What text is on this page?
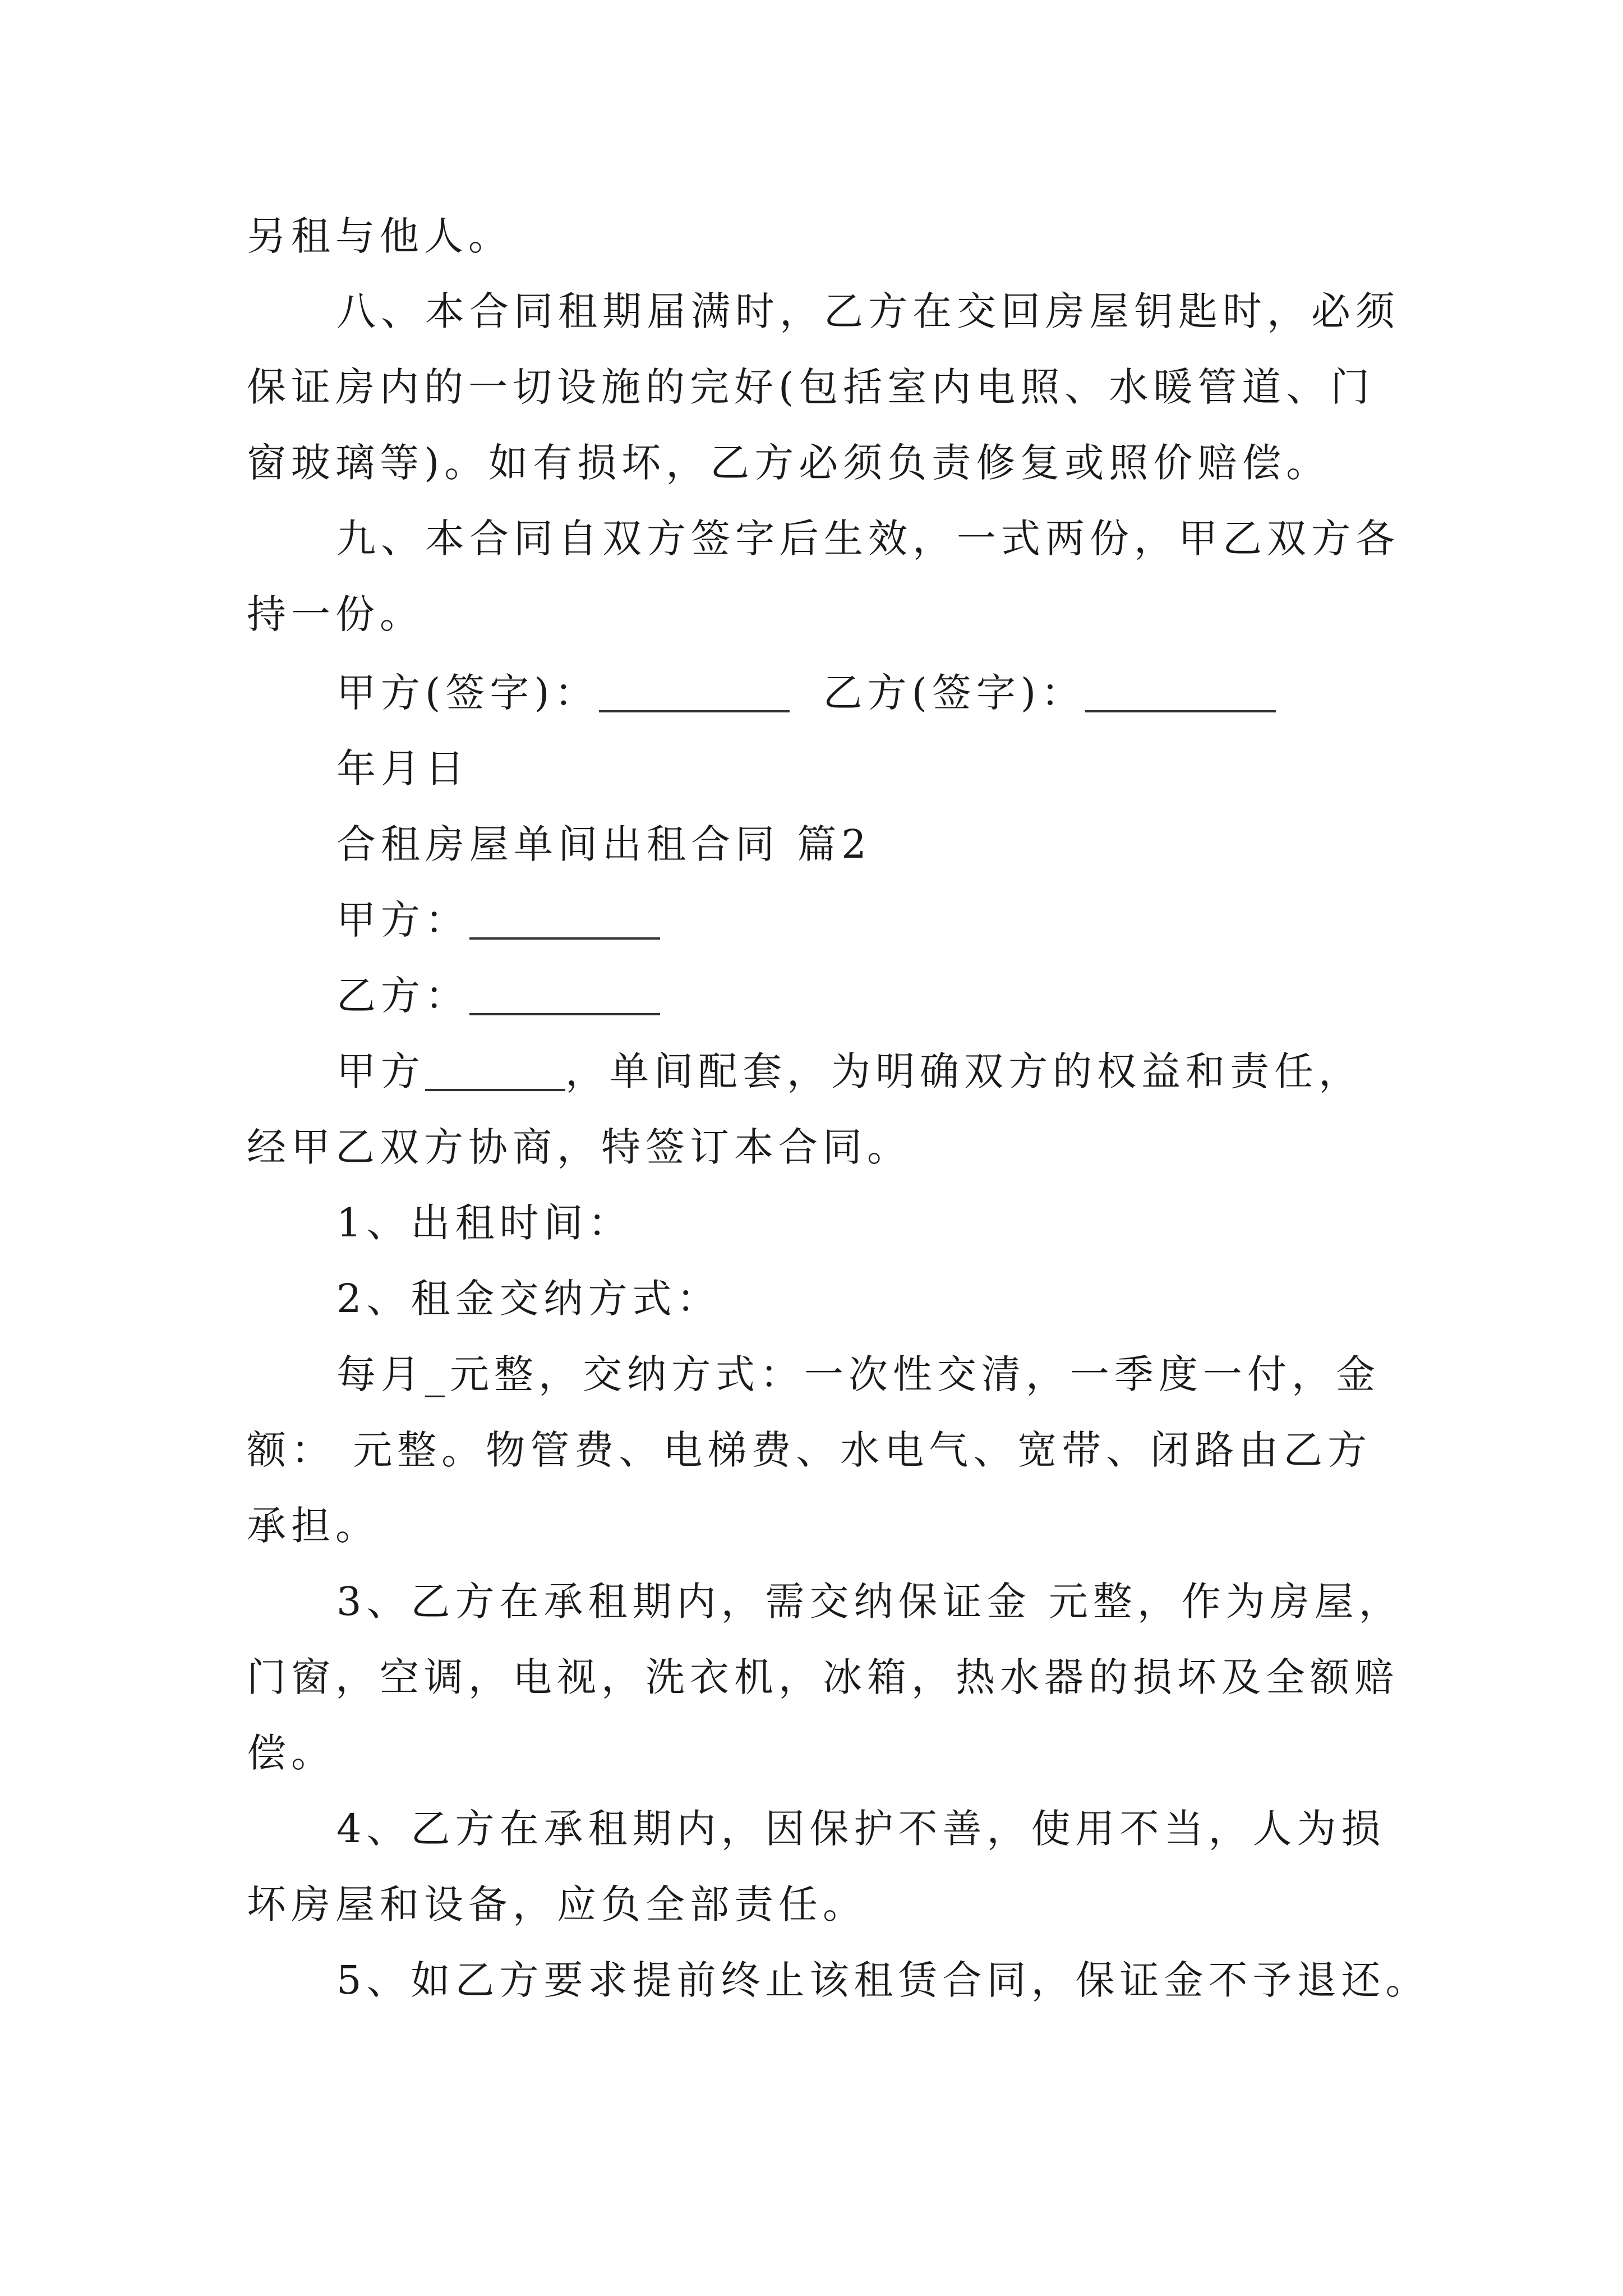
另租与他人。
八、本合同租期届满时，乙方在交回房屋钥匙时，必须
保证房内的一切设施的完好(包括室内电照、水暖管道、门
窗玻璃等)。如有损坏，乙方必须负责修复或照价赔偿。
九、本合同自双方签字后生效，一式两份，甲乙双方各
持一份。
甲方(签字)：	乙方(签字)：
年月日
合租房屋单间出租合同 篇2
甲方：
乙方：
甲方	，单间配套，为明确双方的权益和责任，
经甲乙双方协商，特签订本合同。
1、出租时间：
2、租金交纳方式：
每月_元整，交纳方式：一次性交清，一季度一付，金
额： 元整。物管费、电梯费、水电气、宽带、闭路由乙方
承担。
3、乙方在承租期内，需交纳保证金 元整，作为房屋，
门窗，空调，电视，洗衣机，冰箱，热水器的损坏及全额赔
偿。
4、乙方在承租期内，因保护不善，使用不当，人为损
坏房屋和设备，应负全部责任。
5、如乙方要求提前终止该租赁合同，保证金不予退还。
